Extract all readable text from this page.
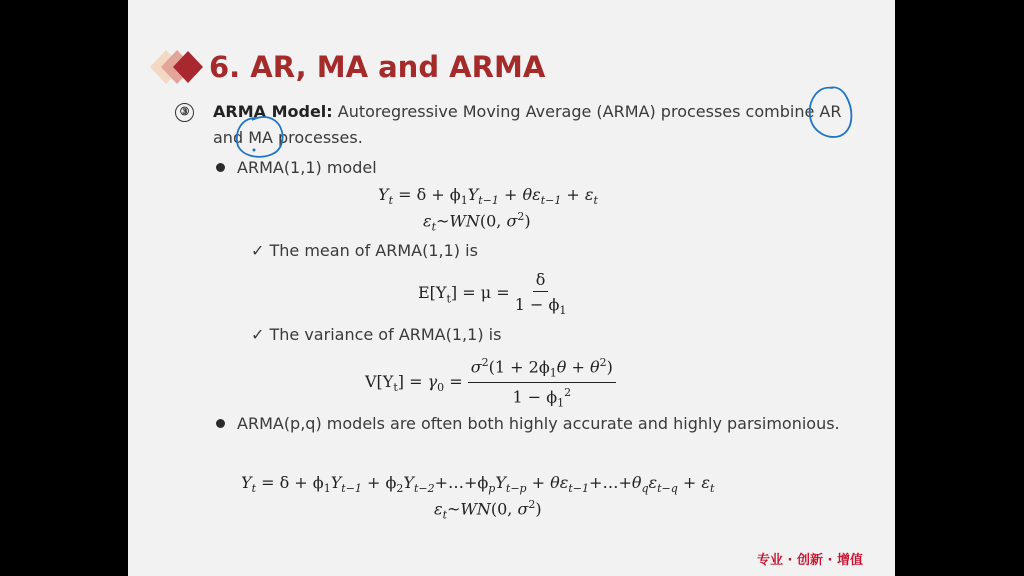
6. AR, MA and ARMA
③ ARMA Model: Autoregressive Moving Average (ARMA) processes combine AR
and MA processes.
ARMA(1,1) model
$Y_t = \delta + \phi_1Y_{t-1} + \theta\varepsilon_{t-1} + \varepsilon_t$
$\varepsilon_t\sim WN(0$, $\sigma^2$)
✓ The mean of ARMA(1,1) is
$E[Y_t] = \mu = \frac{\delta}{1 - \phi_1}$
✓ The variance of ARMA(1,1) is
$V[Y_t] = \gamma_0 = \frac{\sigma^2(1 + 2\phi_1\theta + \theta^2)}{1 - \phi_1^2}$
ARMA(p,q) models are often both highly accurate and highly parsimonious.
$Y_t = \delta + \phi_1Y_{t-1}$ + $\phi_2Y_{t-2}+\dots+\phi_pY_{t-p}$ + $\theta\varepsilon_{t-1}+\dots+\theta_q\varepsilon_{t-q} + \varepsilon_t$
$\varepsilon_t\sim WN(0$, $\sigma^2$)
专业 · 创新 · 增值
